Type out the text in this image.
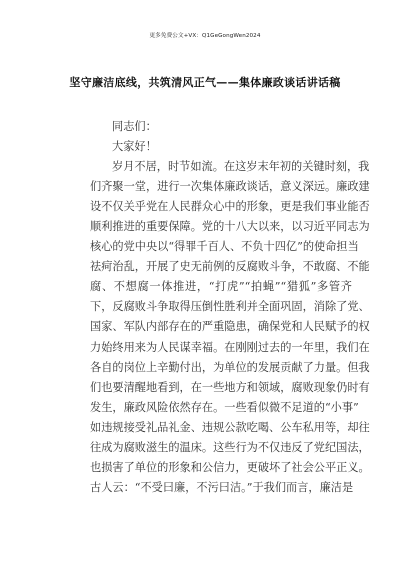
更多免费公文+VX：Q1GeGongWen2024
坚守廉洁底线，共筑清风正气——集体廉政谈话讲话稿
同志们：
大家好！

岁月不居，时节如流。在这岁末年初的关键时刻，我
们齐聚一堂，进行一次集体廉政谈话，意义深远。廉政建
设不仅关乎党在人民群众心中的形象，更是我们事业能否
顺利推进的重要保障。党的十八大以来，以习近平同志为
核心的党中央以“得罪千百人、不负十四亿”的使命担当
祛疴治乱，开展了史无前例的反腐败斗争，不敢腐、不能
腐、不想腐一体推进，“打虎”“拍蝇”“猎狐”多管齐
下，反腐败斗争取得压倒性胜利并全面巩固，消除了党、
国家、军队内部存在的严重隐患，确保党和人民赋予的权
力始终用来为人民谋幸福。在刚刚过去的一年里，我们在
各自的岗位上辛勤付出，为单位的发展贡献了力量。但我
们也要清醒地看到，在一些地方和领域，腐败现象仍时有
发生，廉政风险依然存在。一些看似微不足道的“小事”
如违规接受礼品礼金、违规公款吃喝、公车私用等，却往
往成为腐败滋生的温床。这些行为不仅违反了党纪国法，
也损害了单位的形象和公信力，更破坏了社会公平正义。
古人云：“不受曰廉，不污曰洁。”于我们而言，廉洁是
